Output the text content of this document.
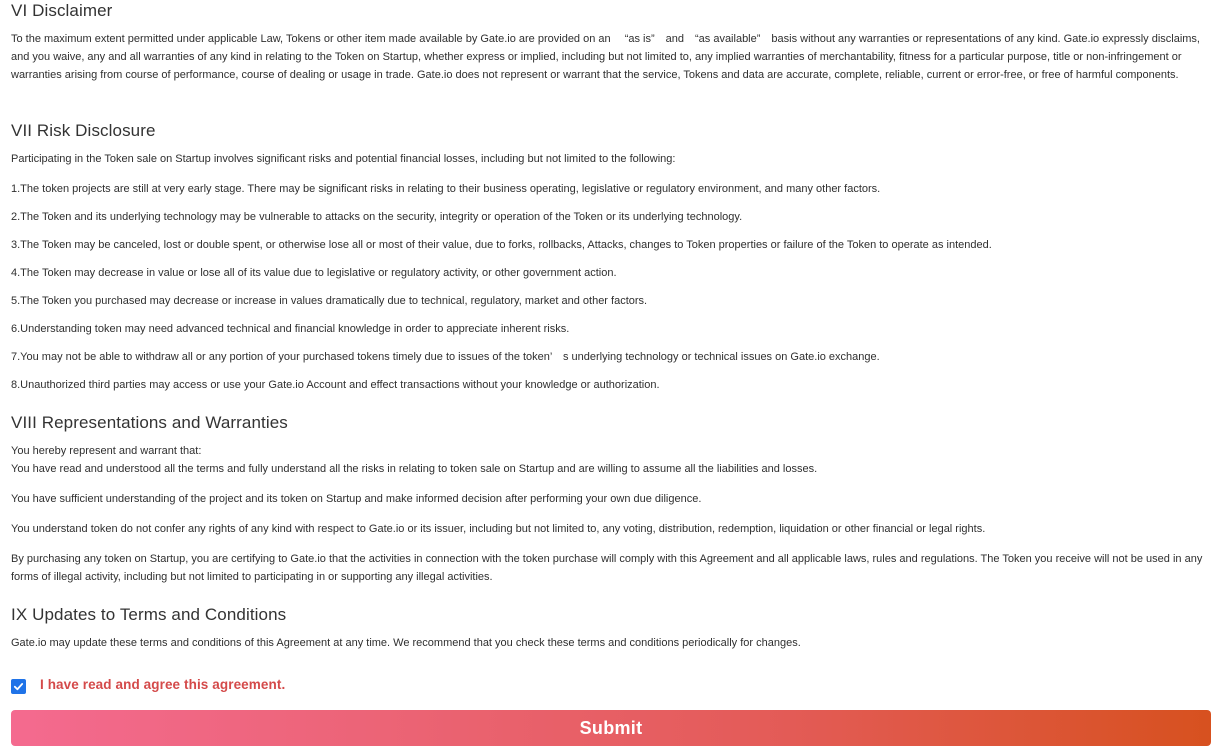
VI Disclaimer

To the maximum extent permitted under applicable Law, Tokens or other item made available by Gate.io are provided on an 　“as is”　and　“as available”　basis without any warranties or representations of any kind. Gate.io expressly disclaims, and you waive, any and all warranties of any kind in relating to the Token on Startup, whether express or implied, including but not limited to, any implied warranties of merchantability, fitness for a particular purpose, title or non-infringement or warranties arising from course of performance, course of dealing or usage in trade. Gate.io does not represent or warrant that the service, Tokens and data are accurate, complete, reliable, current or error-free, or free of harmful components.

VII Risk Disclosure

Participating in the Token sale on Startup involves significant risks and potential financial losses, including but not limited to the following:

1.The token projects are still at very early stage. There may be significant risks in relating to their business operating, legislative or regulatory environment, and many other factors.

2.The Token and its underlying technology may be vulnerable to attacks on the security, integrity or operation of the Token or its underlying technology.

3.The Token may be canceled, lost or double spent, or otherwise lose all or most of their value, due to forks, rollbacks, Attacks, changes to Token properties or failure of the Token to operate as intended.

4.The Token may decrease in value or lose all of its value due to legislative or regulatory activity, or other government action.

5.The Token you purchased may decrease or increase in values dramatically due to technical, regulatory, market and other factors.

6.Understanding token may need advanced technical and financial knowledge in order to appreciate inherent risks.

7.You may not be able to withdraw all or any portion of your purchased tokens timely due to issues of the token’　s underlying technology or technical issues on Gate.io exchange.

8.Unauthorized third parties may access or use your Gate.io Account and effect transactions without your knowledge or authorization.

VIII Representations and Warranties

You hereby represent and warrant that:

You have read and understood all the terms and fully understand all the risks in relating to token sale on Startup and are willing to assume all the liabilities and losses.

You have sufficient understanding of the project and its token on Startup and make informed decision after performing your own due diligence.

You understand token do not confer any rights of any kind with respect to Gate.io or its issuer, including but not limited to, any voting, distribution, redemption, liquidation or other financial or legal rights.

By purchasing any token on Startup, you are certifying to Gate.io that the activities in connection with the token purchase will comply with this Agreement and all applicable laws, rules and regulations. The Token you receive will not be used in any forms of illegal activity, including but not limited to participating in or supporting any illegal activities.

IX Updates to Terms and Conditions

Gate.io may update these terms and conditions of this Agreement at any time. We recommend that you check these terms and conditions periodically for changes.

I have read and agree this agreement.
Submit
